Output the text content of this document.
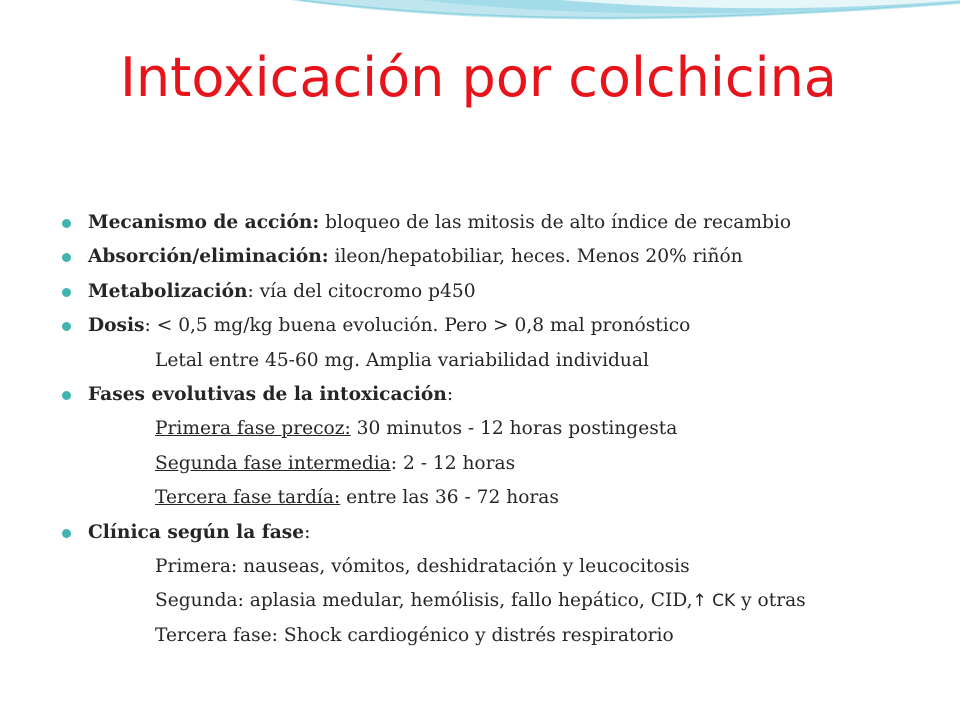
Intoxicación por colchicina
Mecanismo de acción: bloqueo de las mitosis de alto índice de recambio
Absorción/eliminación: ileon/hepatobiliar, heces. Menos 20% riñón
Metabolización: vía del citocromo p450
Dosis: < 0,5 mg/kg buena evolución. Pero > 0,8 mal pronóstico
Letal entre 45-60 mg. Amplia variabilidad individual
Fases evolutivas de la intoxicación:
Primera fase precoz: 30 minutos - 12 horas postingesta
Segunda fase intermedia: 2 - 12 horas
Tercera fase tardía: entre las 36 - 72 horas
Clínica según la fase:
Primera: nauseas, vómitos, deshidratación y leucocitosis
Segunda: aplasia medular, hemólisis, fallo hepático, CID,↑ CK y otras
Tercera fase: Shock cardiogénico y distrés respiratorio
